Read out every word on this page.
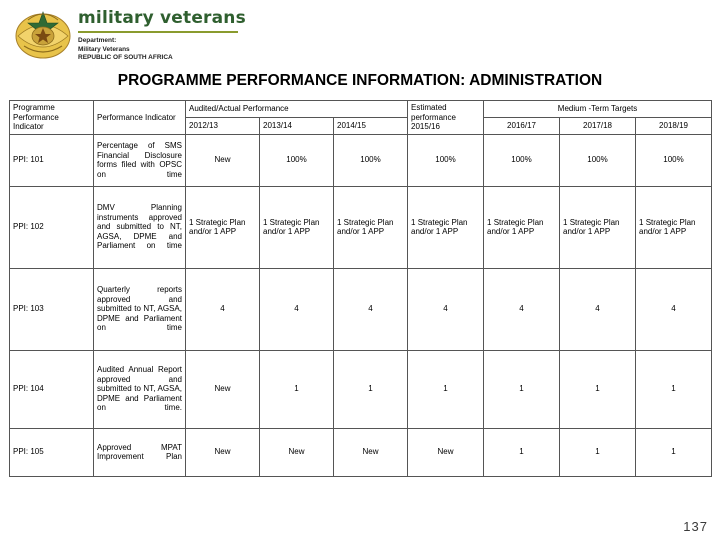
military veterans
Department:
Military Veterans
REPUBLIC OF SOUTH AFRICA
PROGRAMME PERFORMANCE INFORMATION: ADMINISTRATION
Programme Performance Indicator	Performance Indicator	Audited/Actual Performance			Estimated performance 2015/16	Medium -Term Targets		
		2012/13	2013/14	2014/15		2016/17	2017/18	2018/19
PPI: 101	Percentage of SMS Financial Disclosure forms filed with OPSC on time	New	100%	100%	100%	100%	100%	100%
PPI: 102	DMV Planning instruments approved and submitted to NT, AGSA, DPME and Parliament on time	1 Strategic Plan and/or 1 APP	1 Strategic Plan and/or 1 APP	1 Strategic Plan and/or 1 APP	1 Strategic Plan and/or 1 APP	1 Strategic Plan and/or 1 APP	1 Strategic Plan and/or 1 APP	1 Strategic Plan and/or 1 APP
PPI: 103	Quarterly reports approved and submitted to NT, AGSA, DPME and Parliament on time	4	4	4	4	4	4	4
PPI: 104	Audited Annual Report approved and submitted to NT, AGSA, DPME and Parliament on time.	New	1	1	1	1	1	1
PPI: 105	Approved MPAT Improvement Plan	New	New	New	New	1	1	1
137
